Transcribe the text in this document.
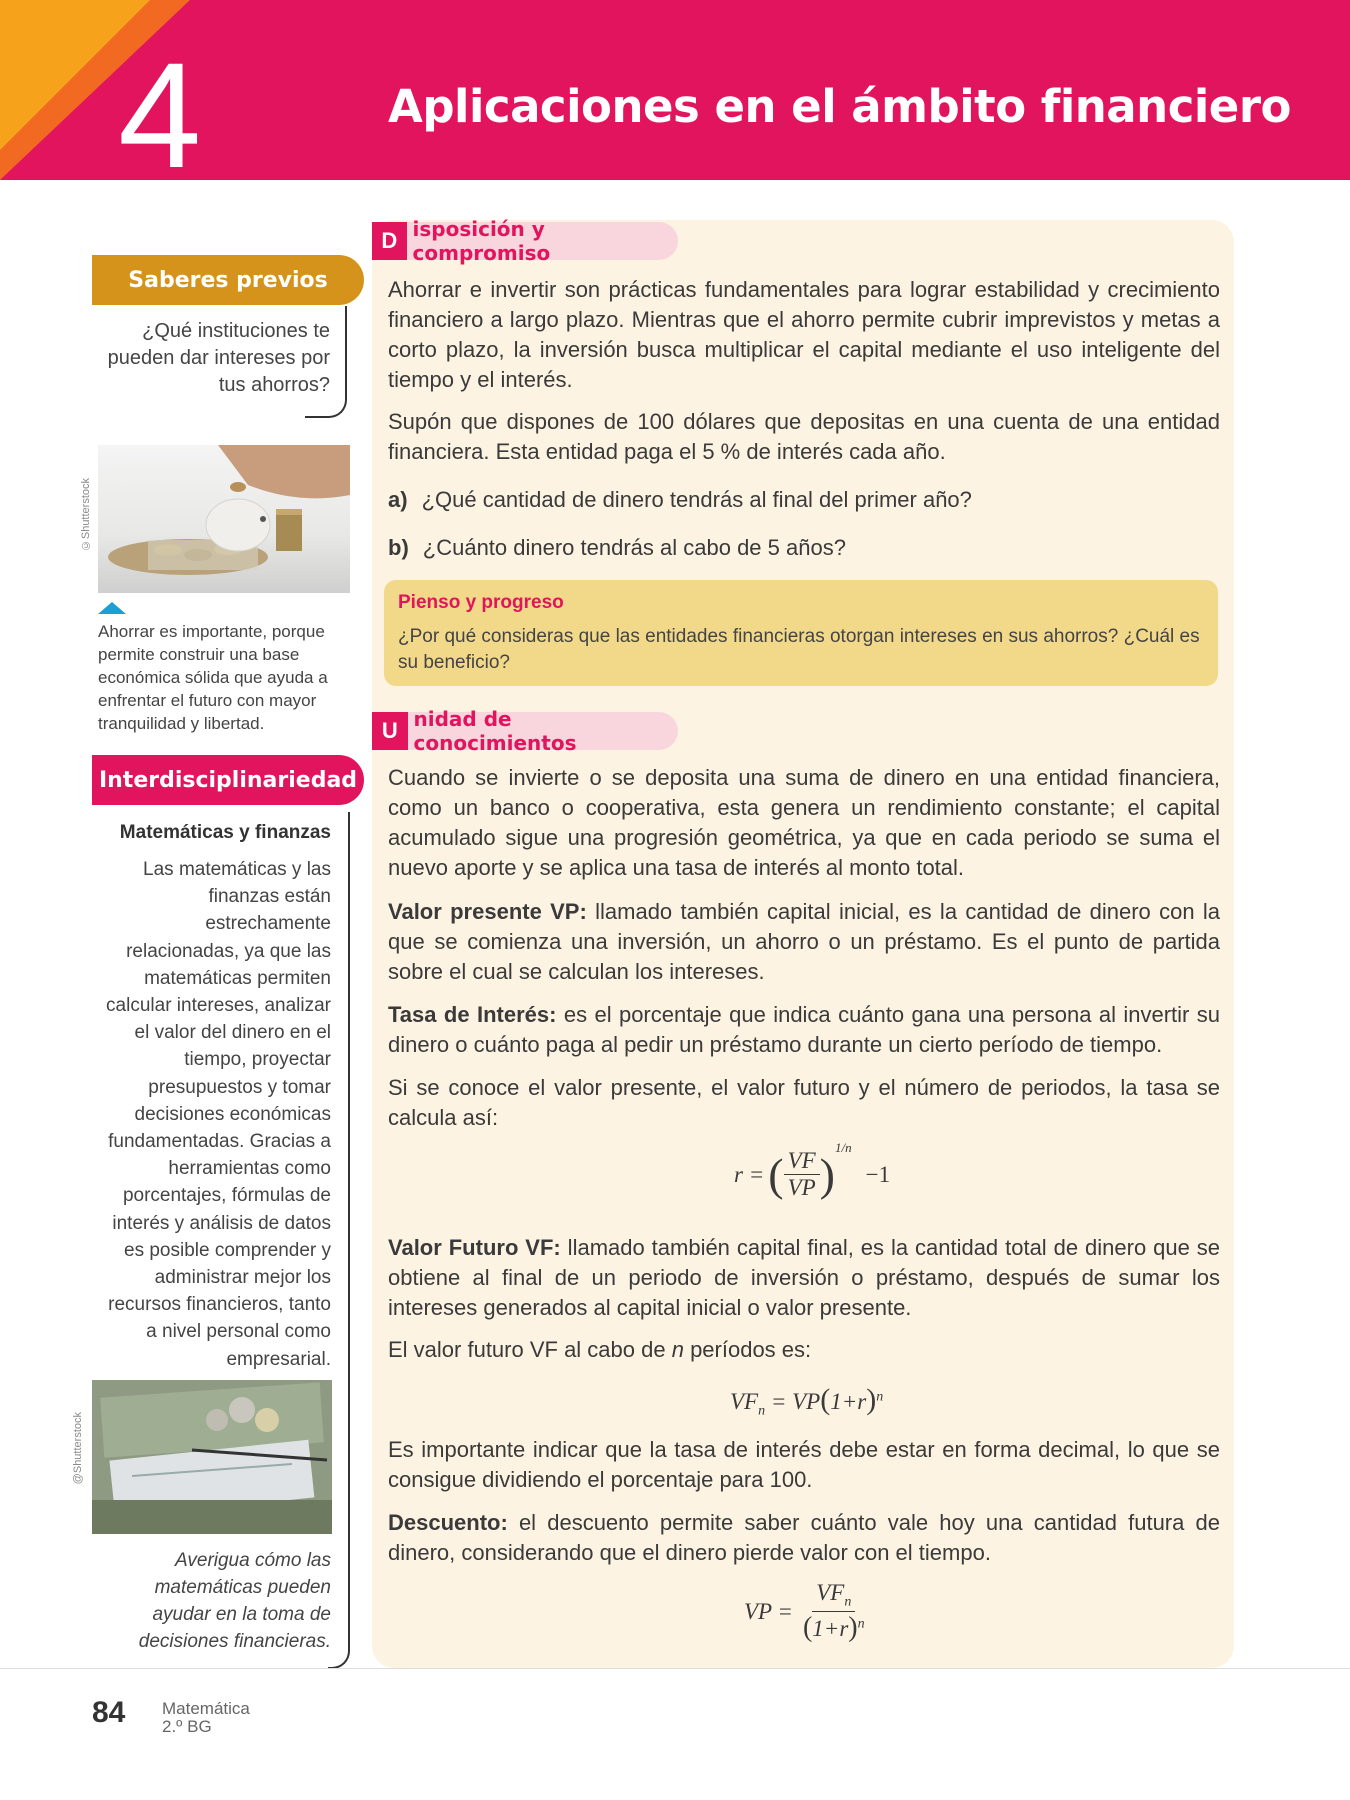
4	Aplicaciones en el ámbito financiero
Saberes previos
¿Qué instituciones te pueden dar intereses por tus ahorros?
©Shutterstock
Ahorrar es importante, porque permite construir una base económica sólida que ayuda a enfrentar el futuro con mayor tranquilidad y libertad.
Interdisciplinariedad
Matemáticas y finanzas
Las matemáticas y las finanzas están estrechamente relacionadas, ya que las matemáticas permiten calcular intereses, analizar el valor del dinero en el tiempo, proyectar presupuestos y tomar decisiones económicas fundamentadas. Gracias a herramientas como porcentajes, fórmulas de interés y análisis de datos es posible comprender y administrar mejor los recursos financieros, tanto a nivel personal como empresarial.
@Shutterstock
Averigua cómo las matemáticas pueden ayudar en la toma de decisiones financieras.
D isposición y compromiso

Ahorrar e invertir son prácticas fundamentales para lograr estabilidad y crecimiento financiero a largo plazo. Mientras que el ahorro permite cubrir imprevistos y metas a corto plazo, la inversión busca multiplicar el capital mediante el uso inteligente del tiempo y el interés.

Supón que dispones de 100 dólares que depositas en una cuenta de una entidad financiera. Esta entidad paga el 5 % de interés cada año.

a) ¿Qué cantidad de dinero tendrás al final del primer año?
b) ¿Cuánto dinero tendrás al cabo de 5 años?
Pienso y progreso
¿Por qué consideras que las entidades financieras otorgan intereses en sus ahorros? ¿Cuál es su beneficio?
U nidad de conocimientos

Cuando se invierte o se deposita una suma de dinero en una entidad financiera, como un banco o cooperativa, esta genera un rendimiento constante; el capital acumulado sigue una progresión geométrica, ya que en cada periodo se suma el nuevo aporte y se aplica una tasa de interés al monto total.

Valor presente VP: llamado también capital inicial, es la cantidad de dinero con la que se comienza una inversión, un ahorro o un préstamo. Es el punto de partida sobre el cual se calculan los intereses.

Tasa de Interés: es el porcentaje que indica cuánto gana una persona al invertir su dinero o cuánto paga al pedir un préstamo durante un cierto período de tiempo.

Si se conoce el valor presente, el valor futuro y el número de periodos, la tasa se calcula así:

r = ( $\frac{VF}{VP}$ )
1/n
−1

Valor Futuro VF: llamado también capital final, es la cantidad total de dinero que se obtiene al final de un periodo de inversión o préstamo, después de sumar los intereses generados al capital inicial o valor presente.

El valor futuro VF al cabo de n períodos es:

$VF_n = VP(1+r)^n$

Es importante indicar que la tasa de interés debe estar en forma decimal, lo que se consigue dividiendo el porcentaje para 100.

Descuento: el descuento permite saber cuánto vale hoy una cantidad futura de dinero, considerando que el dinero pierde valor con el tiempo.

VP = $\frac{VF_n}{(1+r)^n}$
84 Matemática
2.º BG
